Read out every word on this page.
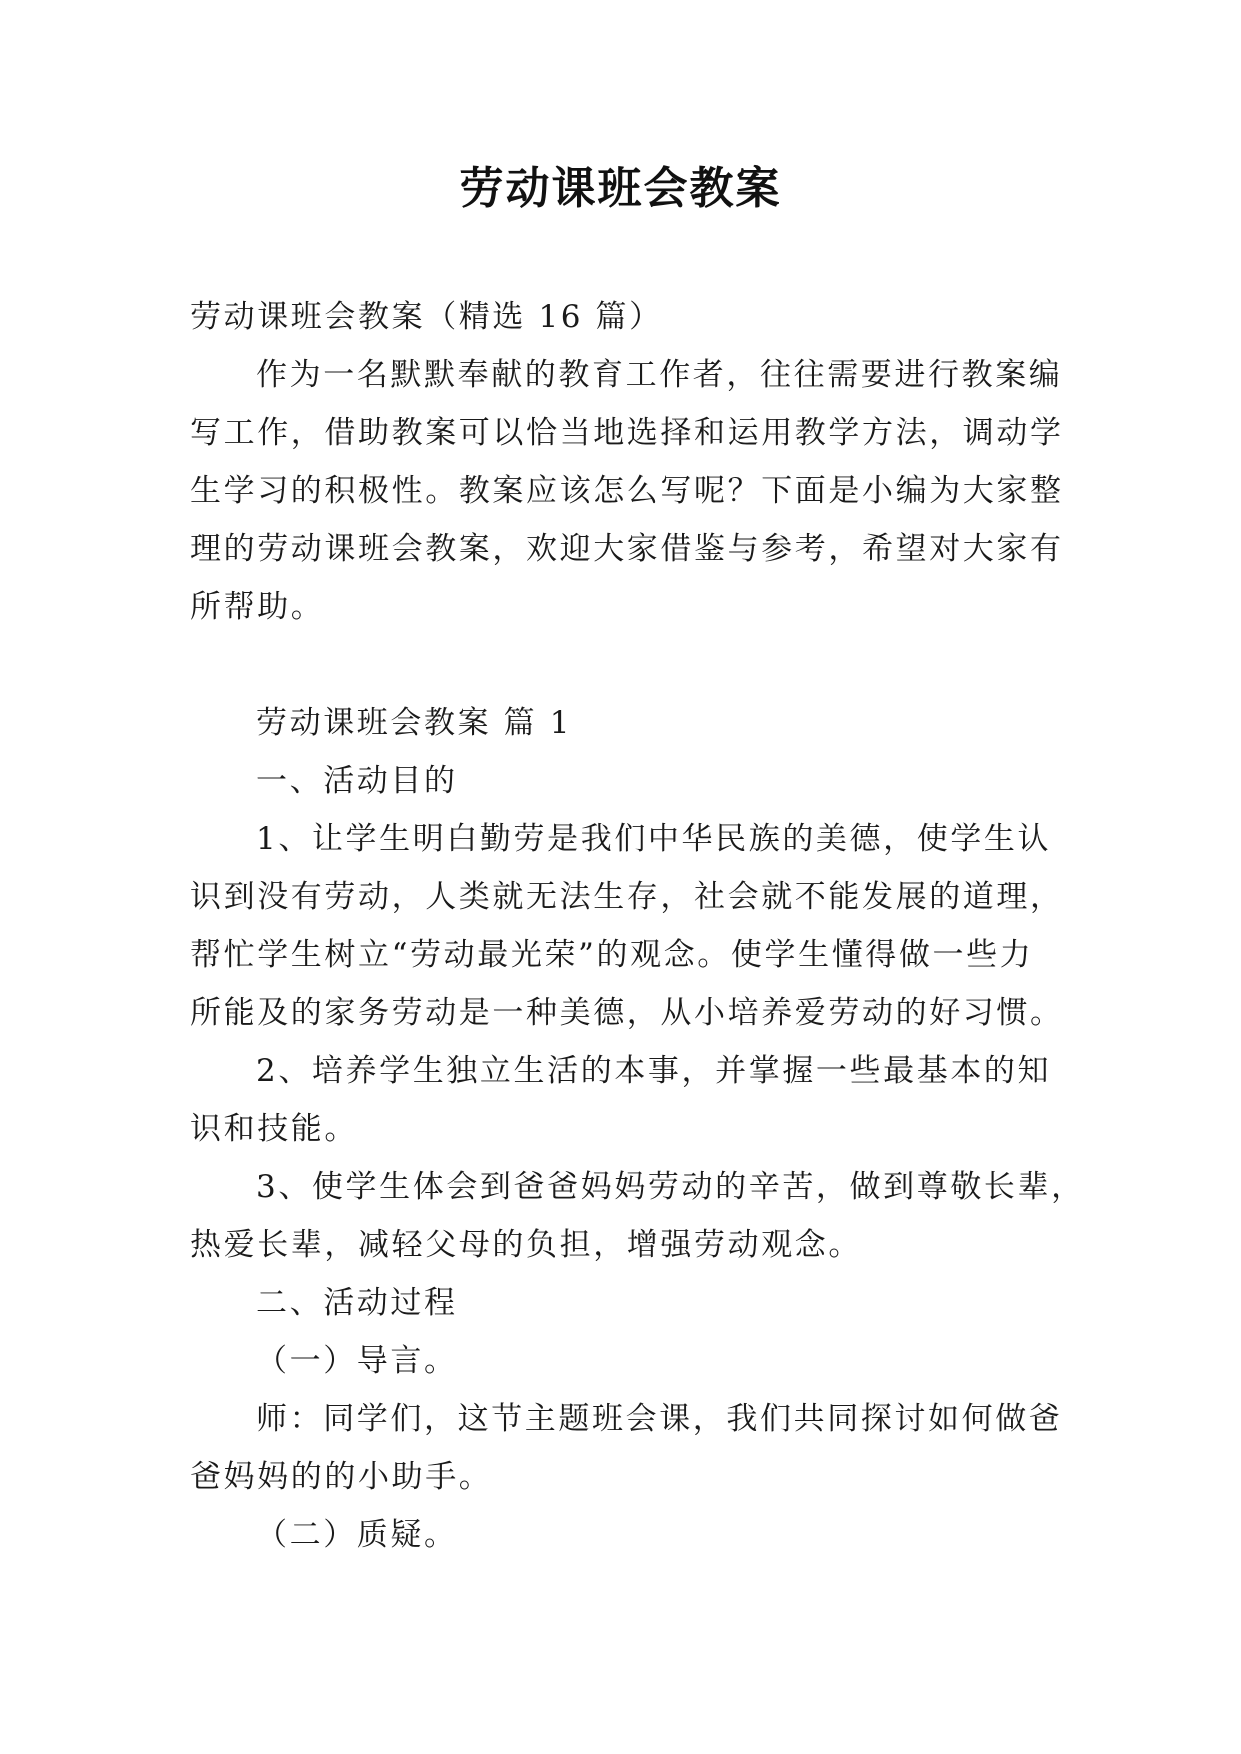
劳动课班会教案

劳动课班会教案（精选 16 篇）

作为一名默默奉献的教育工作者，往往需要进行教案编

写工作，借助教案可以恰当地选择和运用教学方法，调动学

生学习的积极性。教案应该怎么写呢？下面是小编为大家整

理的劳动课班会教案，欢迎大家借鉴与参考，希望对大家有

所帮助。

劳动课班会教案 篇 1

一、活动目的

1、让学生明白勤劳是我们中华民族的美德，使学生认

识到没有劳动，人类就无法生存，社会就不能发展的道理，

帮忙学生树立“劳动最光荣”的观念。使学生懂得做一些力

所能及的家务劳动是一种美德，从小培养爱劳动的好习惯。

2、培养学生独立生活的本事，并掌握一些最基本的知

识和技能。

3、使学生体会到爸爸妈妈劳动的辛苦，做到尊敬长辈，

热爱长辈，减轻父母的负担，增强劳动观念。

二、活动过程

（一）导言。

师：同学们，这节主题班会课，我们共同探讨如何做爸

爸妈妈的的小助手。

（二）质疑。
